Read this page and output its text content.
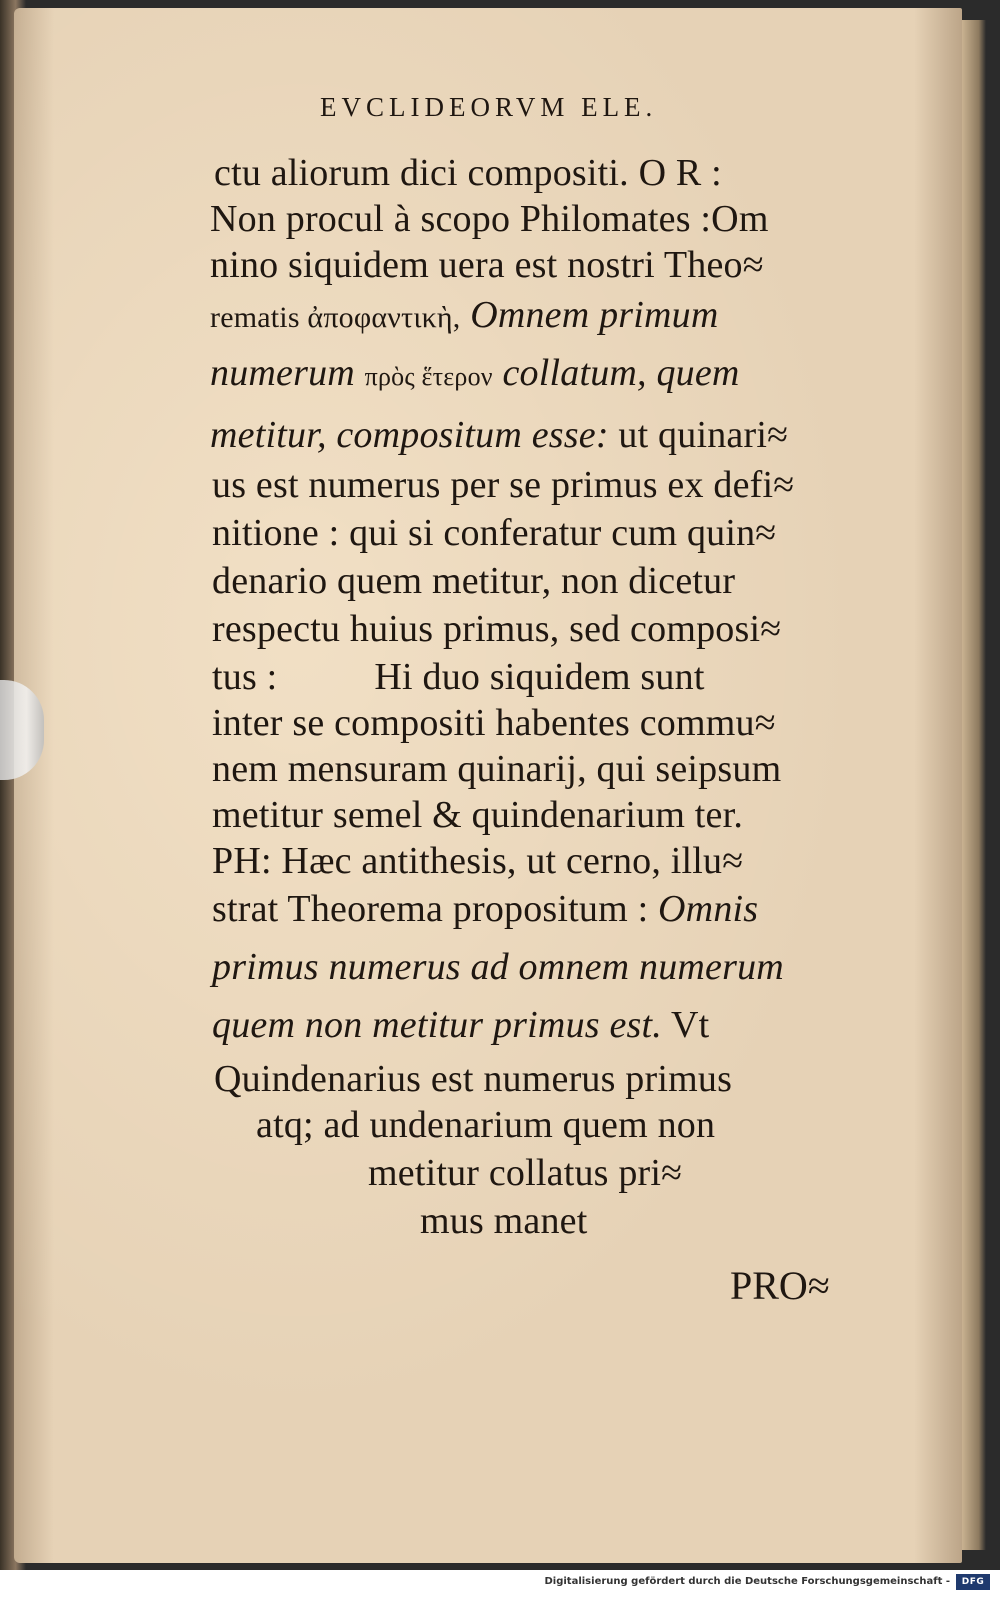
EVCLIDEORVM ELE.
ctu aliorum dici compositi. O R :
Non procul à scopo Philomates :Om
nino siquidem uera est nostri Theo≈
rematis ἀποφαντικὴ, Omnem primum
numerum πρὸς ἕτερον collatum, quem
metitur, compositum esse: ut quinari≈
us est numerus per se primus ex defi≈
nitione : qui si conferatur cum quin≈
denario quem metitur, non dicetur
respectu huius primus, sed composi≈
tus :          Hi duo siquidem sunt
inter se compositi habentes commu≈
nem mensuram quinarij, qui seipsum
metitur semel & quindenarium ter.
PH: Hæc antithesis, ut cerno, illu≈
strat Theorema propositum : Omnis
primus numerus ad omnem numerum
quem non metitur primus est. Vt
Quindenarius est numerus primus
atq; ad undenarium quem non
metitur collatus pri≈
mus manet
PRO≈
Digitalisierung gefördert durch die Deutsche Forschungsgemeinschaft -	DFG
